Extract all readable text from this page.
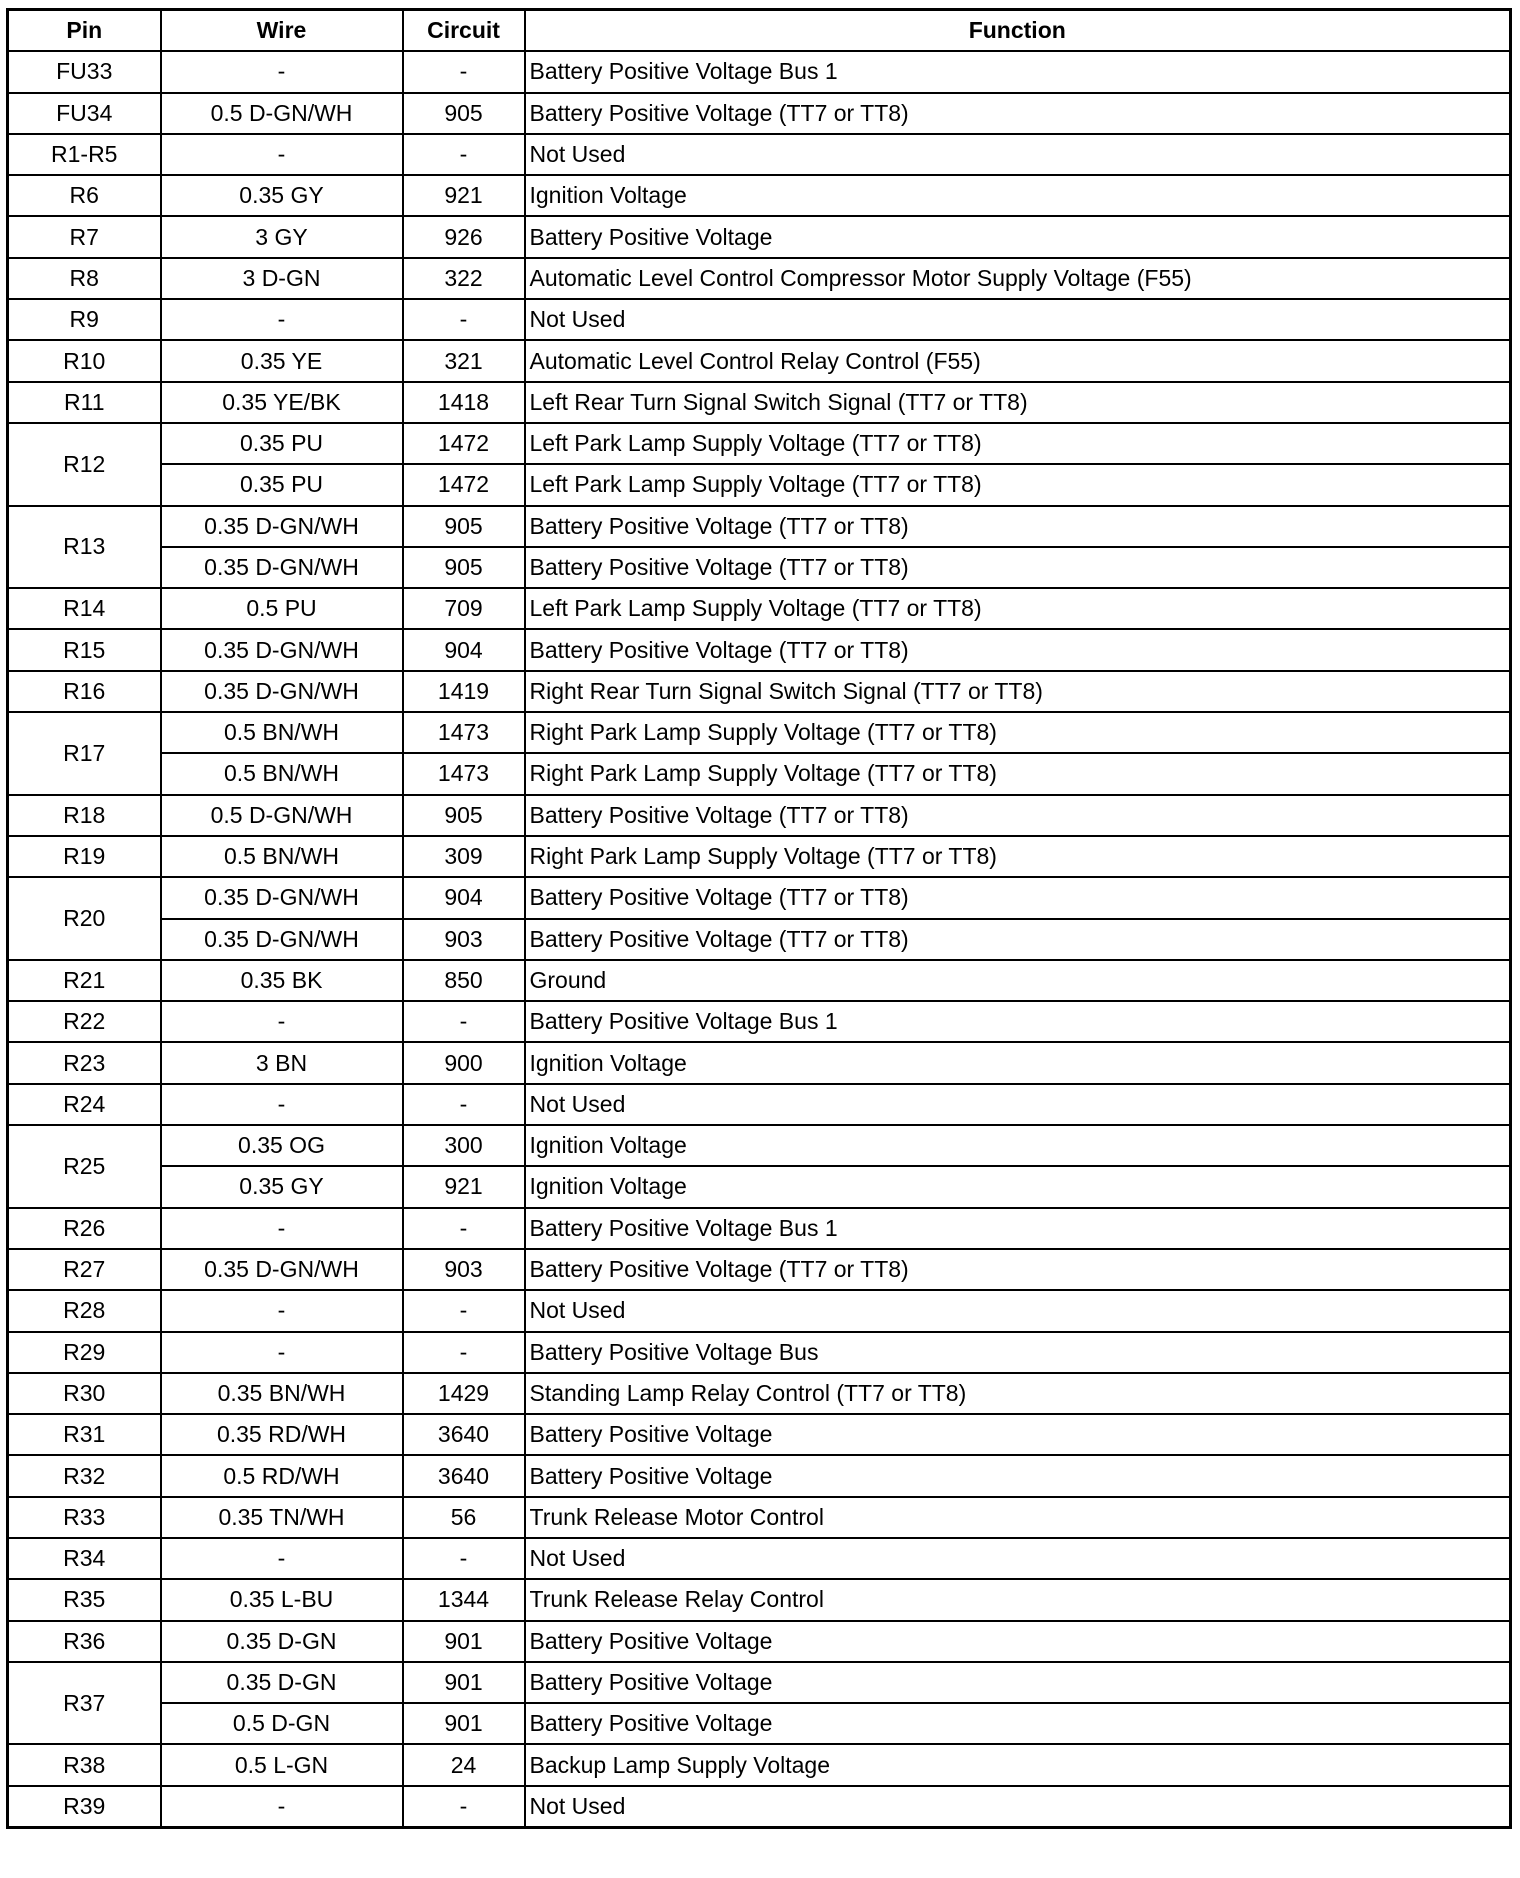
Pin	Wire	Circuit	Function
FU33	-	-	Battery Positive Voltage Bus 1
FU34	0.5 D-GN/WH	905	Battery Positive Voltage (TT7 or TT8)
R1-R5	-	-	Not Used
R6	0.35 GY	921	Ignition Voltage
R7	3 GY	926	Battery Positive Voltage
R8	3 D-GN	322	Automatic Level Control Compressor Motor Supply Voltage (F55)
R9	-	-	Not Used
R10	0.35 YE	321	Automatic Level Control Relay Control (F55)
R11	0.35 YE/BK	1418	Left Rear Turn Signal Switch Signal (TT7 or TT8)
R12	0.35 PU	1472	Left Park Lamp Supply Voltage (TT7 or TT8)
	0.35 PU	1472	Left Park Lamp Supply Voltage (TT7 or TT8)
R13	0.35 D-GN/WH	905	Battery Positive Voltage (TT7 or TT8)
	0.35 D-GN/WH	905	Battery Positive Voltage (TT7 or TT8)
R14	0.5 PU	709	Left Park Lamp Supply Voltage (TT7 or TT8)
R15	0.35 D-GN/WH	904	Battery Positive Voltage (TT7 or TT8)
R16	0.35 D-GN/WH	1419	Right Rear Turn Signal Switch Signal (TT7 or TT8)
R17	0.5 BN/WH	1473	Right Park Lamp Supply Voltage (TT7 or TT8)
	0.5 BN/WH	1473	Right Park Lamp Supply Voltage (TT7 or TT8)
R18	0.5 D-GN/WH	905	Battery Positive Voltage (TT7 or TT8)
R19	0.5 BN/WH	309	Right Park Lamp Supply Voltage (TT7 or TT8)
R20	0.35 D-GN/WH	904	Battery Positive Voltage (TT7 or TT8)
	0.35 D-GN/WH	903	Battery Positive Voltage (TT7 or TT8)
R21	0.35 BK	850	Ground
R22	-	-	Battery Positive Voltage Bus 1
R23	3 BN	900	Ignition Voltage
R24	-	-	Not Used
R25	0.35 OG	300	Ignition Voltage
	0.35 GY	921	Ignition Voltage
R26	-	-	Battery Positive Voltage Bus 1
R27	0.35 D-GN/WH	903	Battery Positive Voltage (TT7 or TT8)
R28	-	-	Not Used
R29	-	-	Battery Positive Voltage Bus
R30	0.35 BN/WH	1429	Standing Lamp Relay Control (TT7 or TT8)
R31	0.35 RD/WH	3640	Battery Positive Voltage
R32	0.5 RD/WH	3640	Battery Positive Voltage
R33	0.35 TN/WH	56	Trunk Release Motor Control
R34	-	-	Not Used
R35	0.35 L-BU	1344	Trunk Release Relay Control
R36	0.35 D-GN	901	Battery Positive Voltage
R37	0.35 D-GN	901	Battery Positive Voltage
	0.5 D-GN	901	Battery Positive Voltage
R38	0.5 L-GN	24	Backup Lamp Supply Voltage
R39	-	-	Not Used
